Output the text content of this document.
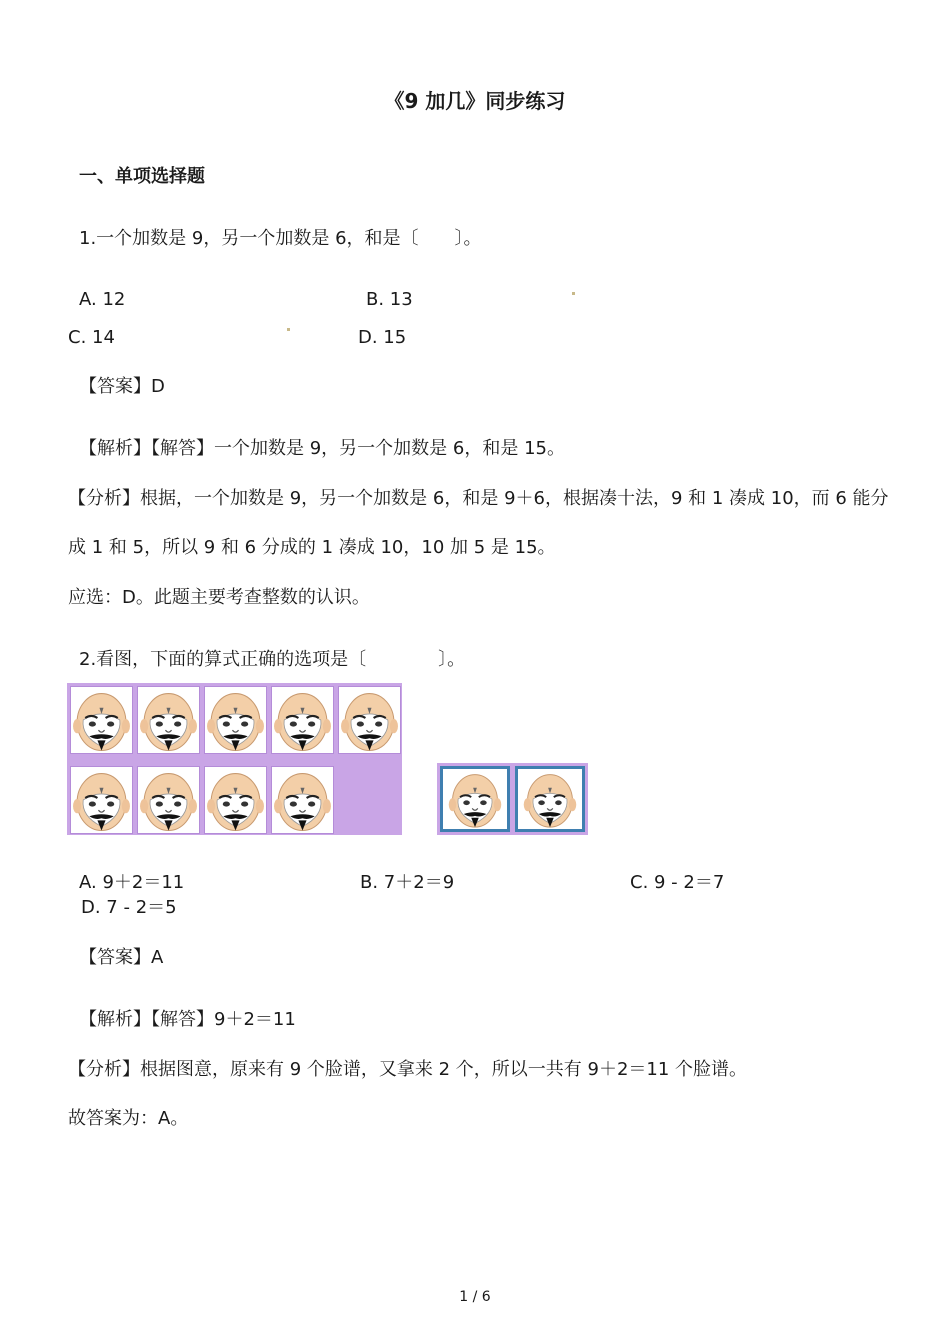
《9 加几》同步练习
一、单项选择题
1.一个加数是 9，另一个加数是 6，和是〔　　〕。
A. 12	B. 13
C. 14	D. 15
【答案】D
【解析】【解答】一个加数是 9，另一个加数是 6，和是 15。
【分析】根据，一个加数是 9，另一个加数是 6，和是 9＋6，根据凑十法，9 和 1 凑成 10，而 6 能分
成 1 和 5，所以 9 和 6 分成的 1 凑成 10，10 加 5 是 15。
应选：D。此题主要考查整数的认识。
2.看图，下面的算式正确的选项是〔　　　　〕。
A. 9＋2＝11	B. 7＋2＝9	C. 9 - 2＝7
D. 7 - 2＝5
【答案】A
【解析】【解答】9＋2＝11
【分析】根据图意，原来有 9 个脸谱，又拿来 2 个，所以一共有 9＋2＝11 个脸谱。
故答案为：A。
1 / 6
